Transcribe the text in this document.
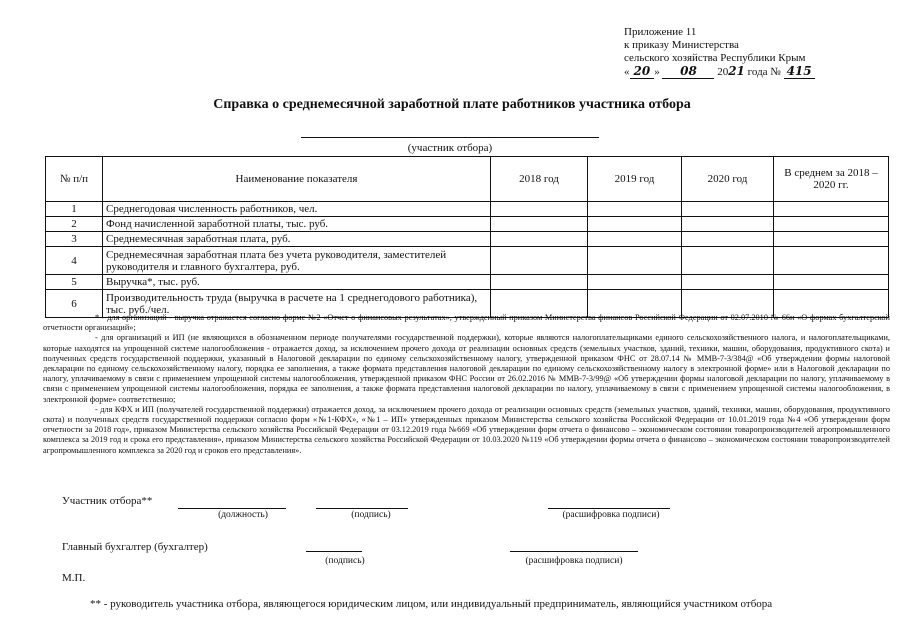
Приложение 11
к приказу Министерства
сельского хозяйства Республики Крым
« 20 » 08 2021 года № 415
Справка о среднемесячной заработной плате работников участника отбора
(участник отбора)
№ п/п	Наименование показателя	2018 год	2019 год	2020 год	В среднем за 2018 – 2020 гг.
1	Среднегодовая численность работников, чел.				
2	Фонд начисленной заработной платы, тыс. руб.				
3	Среднемесячная заработная плата, руб.				
4	Среднемесячная заработная плата без учета руководителя, заместителей руководителя и главного бухгалтера, руб.				
5	Выручка*, тыс. руб.				
6	Производительность труда (выручка в расчете на 1 среднегодового работника), тыс. руб./чел.				

* - для организаций - выручка отражается согласно форме №2 «Отчет о финансовых результатах», утвержденный приказом Министерства финансов Российской Федерации от 02.07.2010 № 66н «О формах бухгалтерской отчетности организаций»;

- для организаций и ИП (не являющихся в обозначенном периоде получателями государственной поддержки), которые являются налогоплательщиками единого сельскохозяйственного налога, и налогоплательщиками, которые находятся на упрощенной системе налогообложения - отражается доход, за исключением прочего дохода от реализации основных средств (земельных участков, зданий, техники, машин, оборудования, продуктивного скота) и полученных средств государственной поддержки, указанный в Налоговой декларации по единому сельскохозяйственному налогу, утвержденной приказом ФНС от 28.07.14 № ММВ-7-3/384@ «Об утверждении формы налоговой декларации по единому сельскохозяйственному налогу, порядка ее заполнения, а также формата представления налоговой декларации по единому сельскохозяйственному налогу в электронной форме» или в Налоговой декларации по налогу, уплачиваемому в связи с применением упрощенной системы налогообложения, утвержденной приказом ФНС России от 26.02.2016 № ММВ-7-3/99@ «Об утверждении формы налоговой декларации по налогу, уплачиваемому в связи с применением упрощенной системы налогообложения, порядка ее заполнения, а также формата представления налоговой декларации по налогу, уплачиваемому в связи с применением упрощенной системы налогообложения, в электронной форме» соответственно;

- для КФХ и ИП (получателей государственной поддержки) отражается доход, за исключением прочего дохода от реализации основных средств (земельных участков, зданий, техники, машин, оборудования, продуктивного скота) и полученных средств государственной поддержки согласно форм «№1-КФХ», «№1 – ИП» утвержденных приказом Министерства сельского хозяйства Российской Федерации от 10.01.2019 года №4 «Об утверждении форм отчетности за 2018 год», приказом Министерства сельского хозяйства Российской Федерации от 03.12.2019 года №669 «Об утверждении форм отчета о финансово – экономическом состоянии товаропроизводителей агропромышленного комплекса за 2019 год и срока его представления», приказом Министерства сельского хозяйства Российской Федерации от 10.03.2020 №119 «Об утверждении формы отчета о финансово – экономическом состоянии товаропроизводителей агропромышленного комплекса за 2020 год и сроков его представления».

Участник отбора**
(должность)	(подпись)	(расшифровка подписи)
Главный бухгалтер (бухгалтер)
(подпись)	(расшифровка подписи)
М.П.
** - руководитель участника отбора, являющегося юридическим лицом, или индивидуальный предприниматель, являющийся участником отбора
